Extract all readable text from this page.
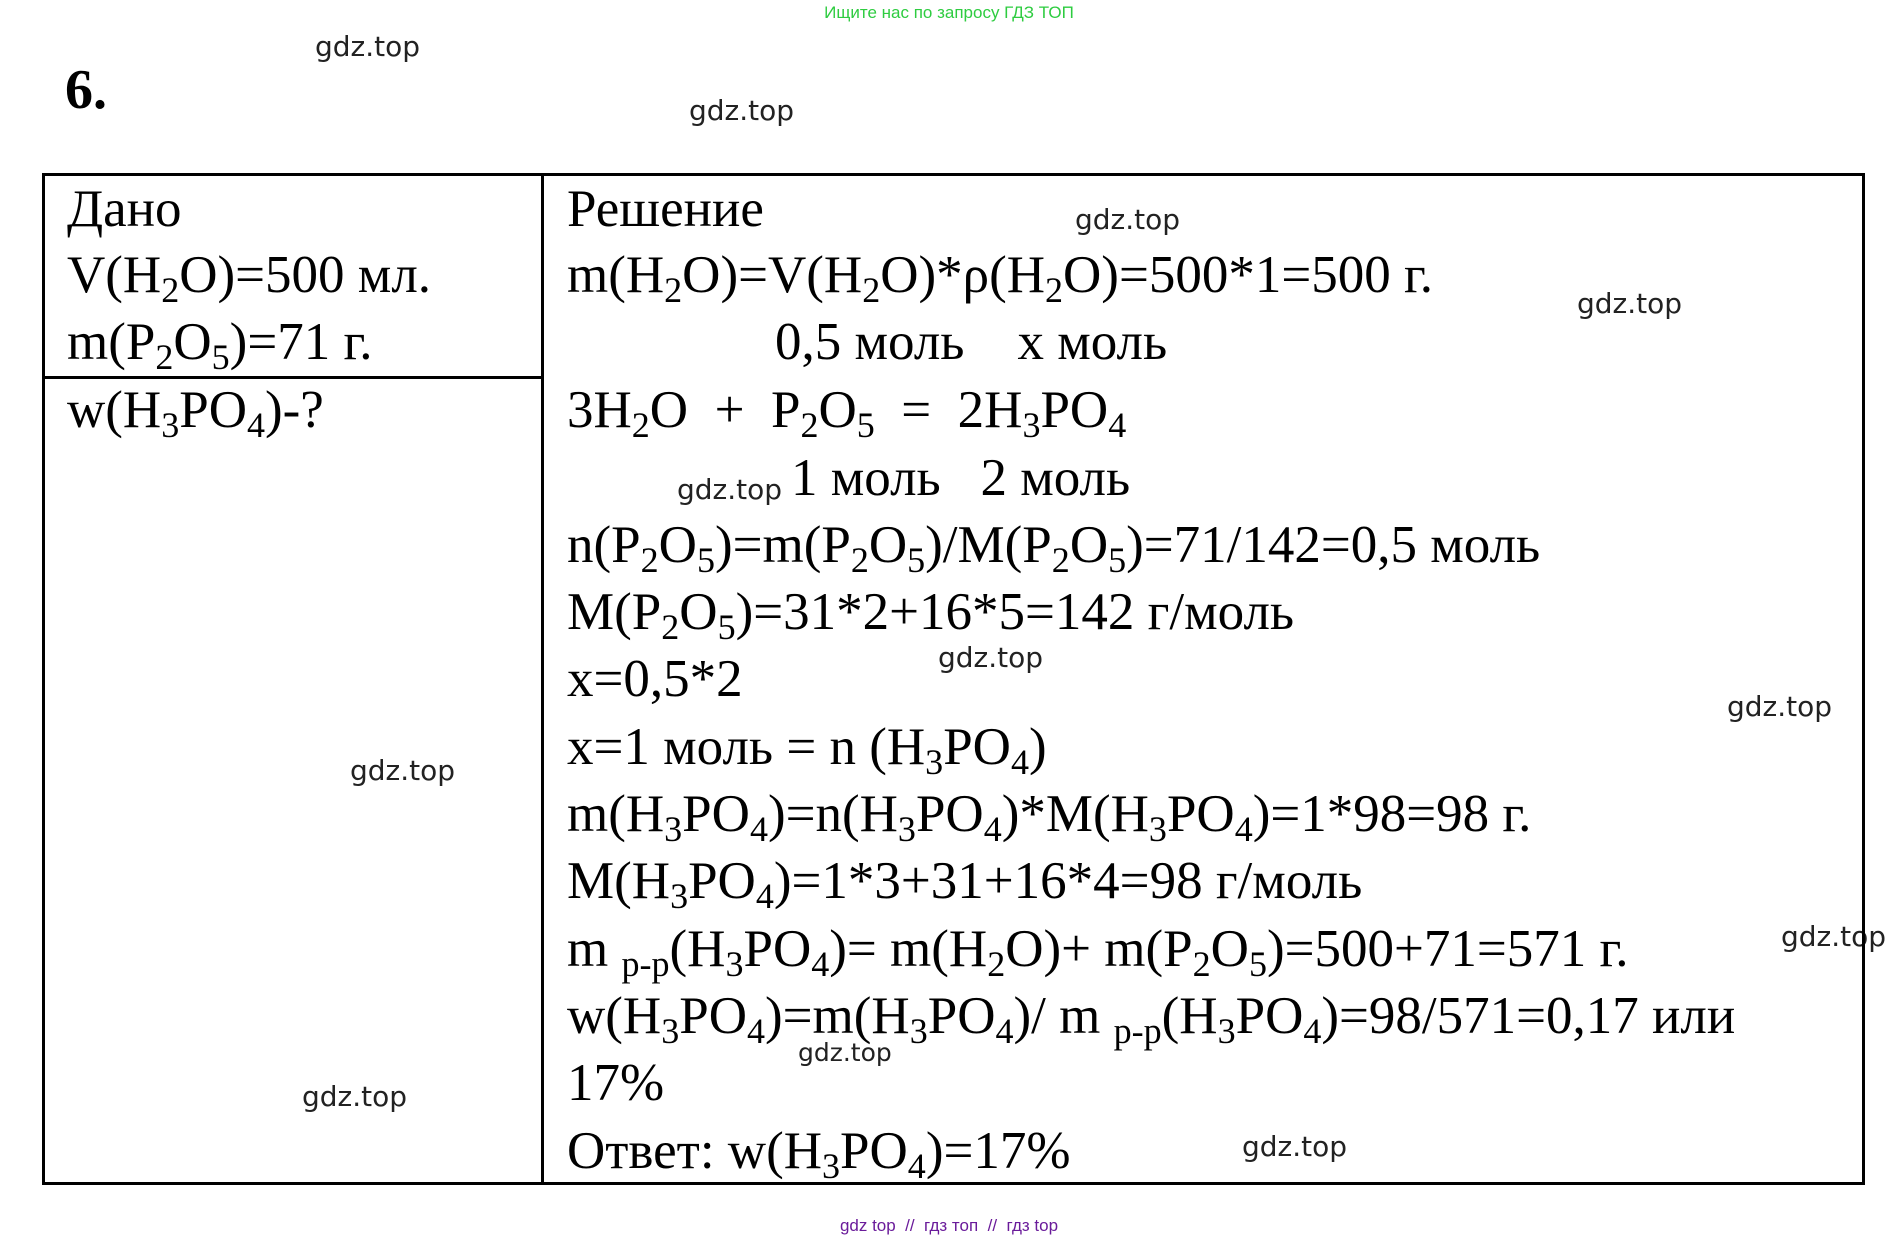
Ищите нас по запросу ГДЗ ТОП
6.
gdz.top
gdz.top
gdz.top
gdz.top
gdz.top
gdz.top
gdz.top
gdz.top
gdz.top
gdz.top
gdz.top
gdz.top
Дано
$V(H_2O)=500$ мл.
$m(P_2O_5)=71$ г.
$w(H_3PO_4)-$?
Решение
$m(H_2O)=V(H_2O)*\rho(H_2O)=500*1=500$ г.
0,5 моль    х моль
$3H_2O + P_2O_5 = 2H_3PO_4$
1 моль   2 моль
$n(P_2O_5)=m(P_2O_5)/M(P_2O_5)=71/142=0,5$ моль
$M(P_2O_5)=31*2+16*5=142$ г/моль
х=0,5*2
х=1 моль = n $(H_3PO_4)$
$m(H_3PO_4)=n(H_3PO_4)*M(H_3PO_4)=1*98=98$ г.
$M(H_3PO_4)=1*3+31+16*4=98$ г/моль
m $_{р-р}(H_3PO_4)= m(H_2O)+ m(P_2O_5)=500+71=571$ г.
$w(H_3PO_4)=m(H_3PO_4)/$ m $_{р-р}(H_3PO_4)=98/571=0,17$ или
17%
Ответ: $w(H_3PO_4)=17\%$
gdz top  //  гдз топ  //  гдз top
